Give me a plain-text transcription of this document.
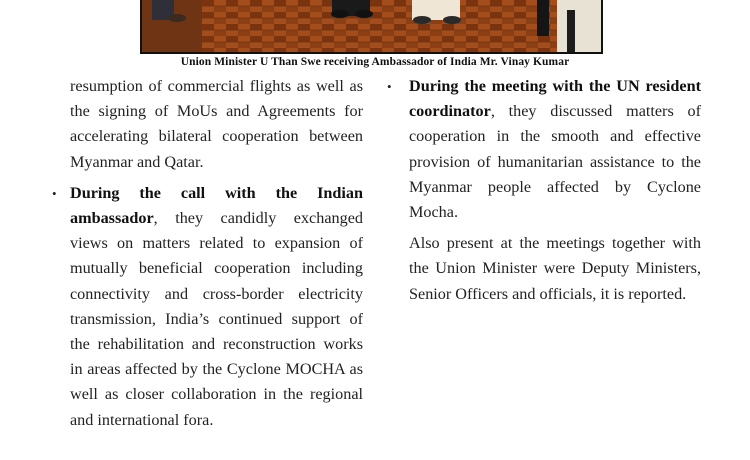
Union Minister U Than Swe receiving Ambassador of India Mr. Vinay Kumar

resumption of commercial flights as well as the signing of MoUs and Agreements for accelerating bilateral cooperation between Myanmar and Qatar.

• During the call with the Indian ambassador, they candidly exchanged views on matters related to expansion of mutually beneficial cooperation including connectivity and cross-border electricity transmission, India’s continued support of the rehabilitation and reconstruction works in areas affected by the Cyclone MOCHA as well as closer collaboration in the regional and international fora.

•	During the meeting with the UN resident coordinator, they discussed matters of cooperation in the smooth and effective provision of humanitarian assistance to the Myanmar people affected by Cyclone Mocha.

Also present at the meetings together with the Union Minister were Deputy Ministers, Senior Officers and officials, it is reported.
